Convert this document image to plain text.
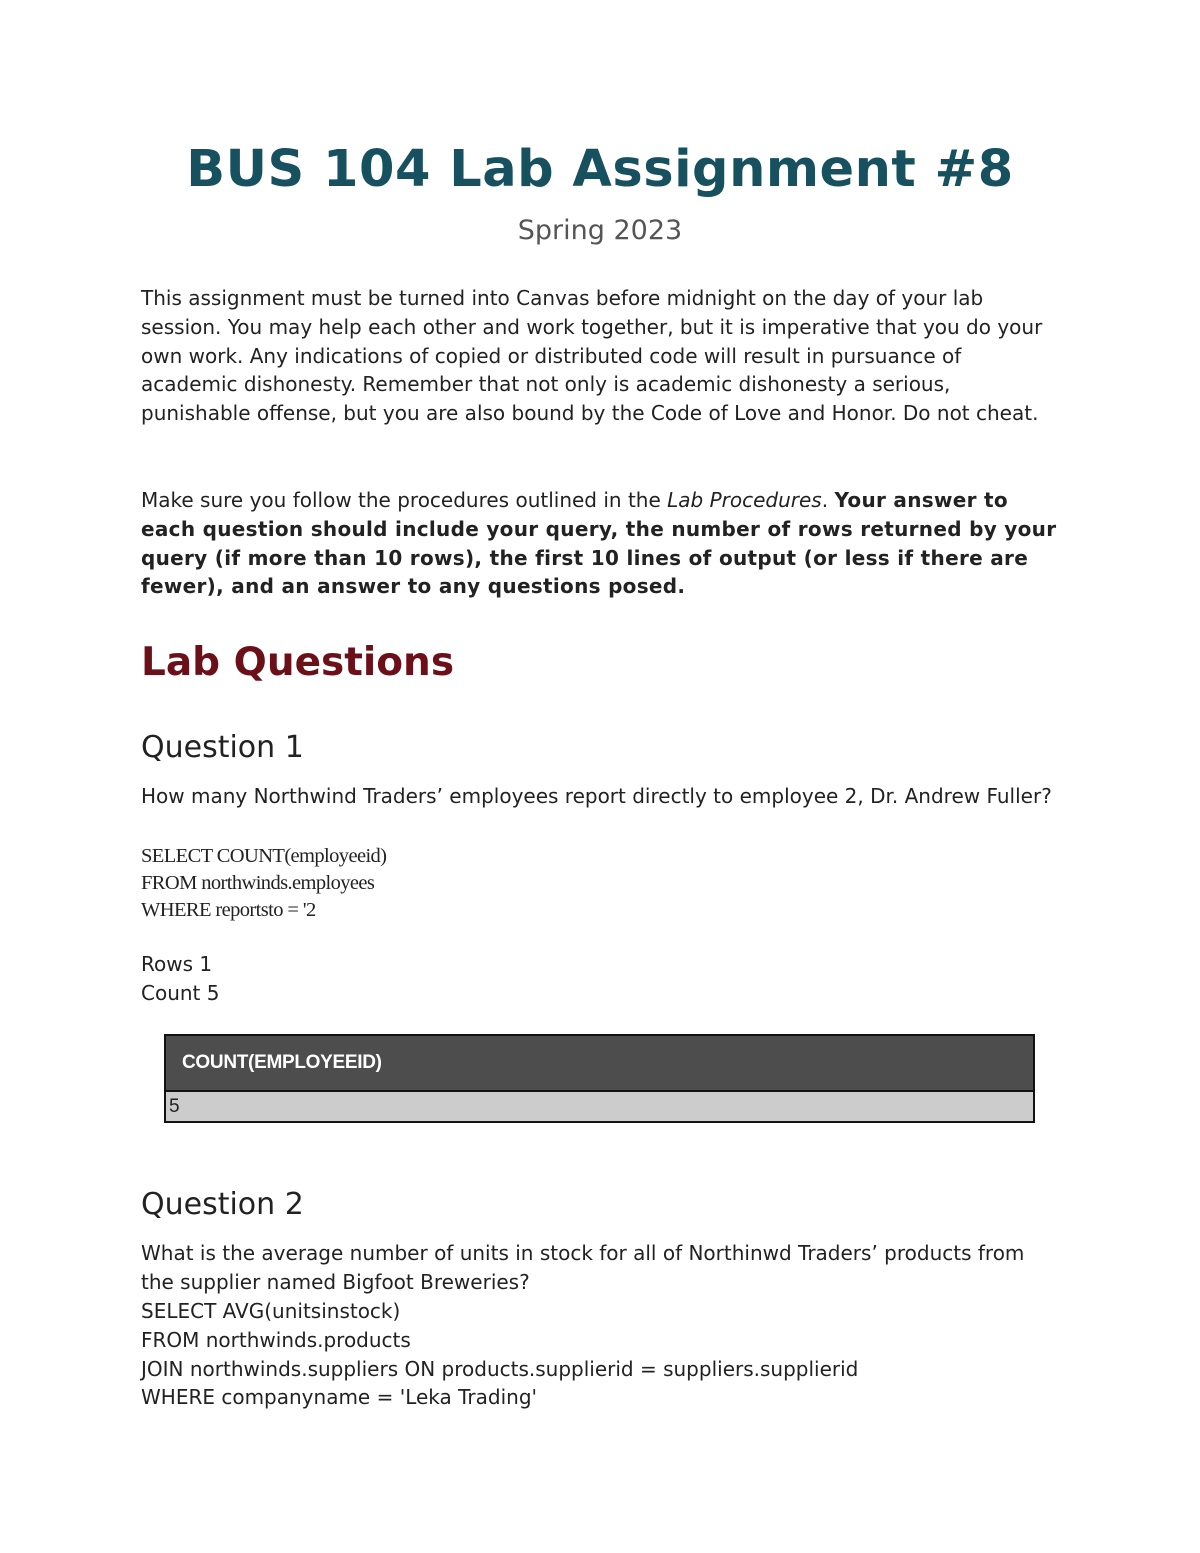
BUS 104 Lab Assignment #8

Spring 2023

This assignment must be turned into Canvas before midnight on the day of your lab session. You may help each other and work together, but it is imperative that you do your own work. Any indications of copied or distributed code will result in pursuance of academic dishonesty. Remember that not only is academic dishonesty a serious, punishable offense, but you are also bound by the Code of Love and Honor. Do not cheat.

Make sure you follow the procedures outlined in the Lab Procedures. Your answer to each question should include your query, the number of rows returned by your query (if more than 10 rows), the first 10 lines of output (or less if there are fewer), and an answer to any questions posed.

Lab Questions
Question 1

How many Northwind Traders’ employees report directly to employee 2, Dr. Andrew Fuller?

SELECT COUNT(employeeid)
FROM northwinds.employees
WHERE reportsto = '2
Rows 1
Count 5
COUNT(EMPLOYEEID)
5
Question 2

What is the average number of units in stock for all of Northinwd Traders’ products from the supplier named Bigfoot Breweries?

SELECT AVG(unitsinstock)
FROM northwinds.products
JOIN northwinds.suppliers ON products.supplierid = suppliers.supplierid
WHERE companyname = 'Leka Trading'
